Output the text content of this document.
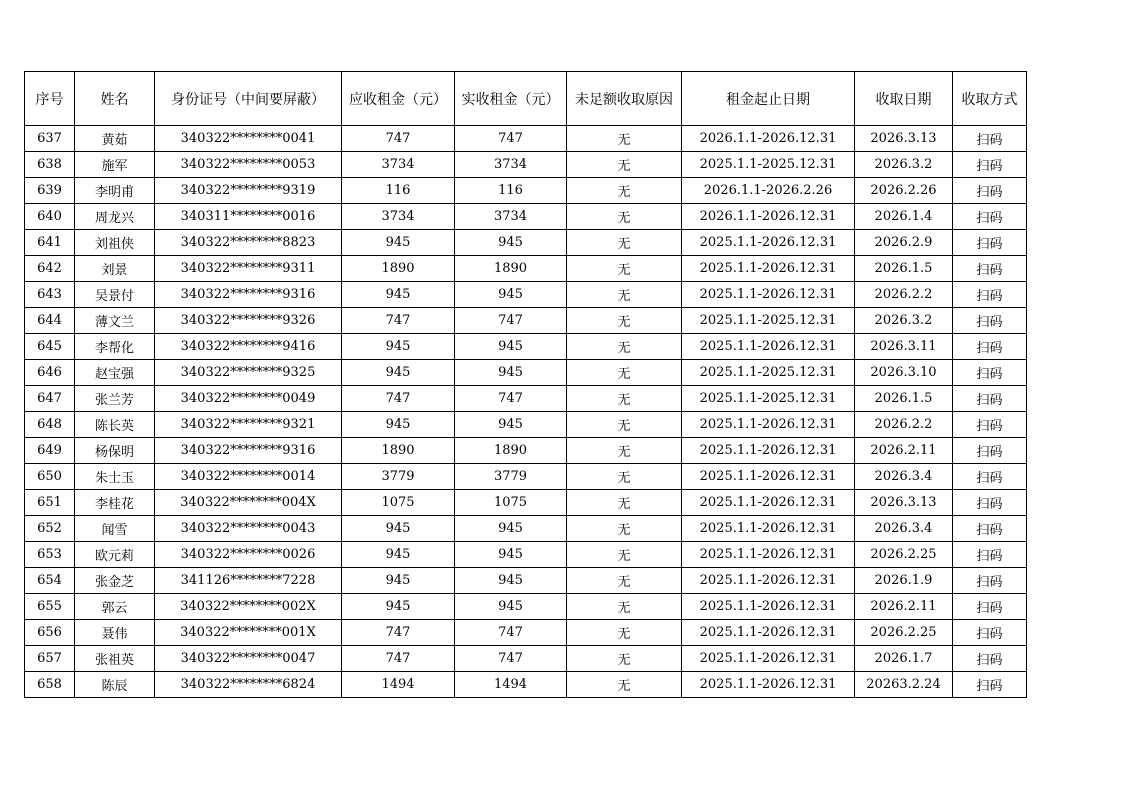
序号	姓名	身份证号（中间要屏蔽）	应收租金（元）	实收租金（元）	未足额收取原因	租金起止日期	收取日期	收取方式
637	黄茹	340322********0041	747	747	无	2026.1.1-2026.12.31	2026.3.13	扫码
638	施军	340322********0053	3734	3734	无	2025.1.1-2025.12.31	2026.3.2	扫码
639	李明甫	340322********9319	116	116	无	2026.1.1-2026.2.26	2026.2.26	扫码
640	周龙兴	340311********0016	3734	3734	无	2026.1.1-2026.12.31	2026.1.4	扫码
641	刘祖侠	340322********8823	945	945	无	2025.1.1-2026.12.31	2026.2.9	扫码
642	刘景	340322********9311	1890	1890	无	2025.1.1-2026.12.31	2026.1.5	扫码
643	吴景付	340322********9316	945	945	无	2025.1.1-2026.12.31	2026.2.2	扫码
644	薄文兰	340322********9326	747	747	无	2025.1.1-2025.12.31	2026.3.2	扫码
645	李帮化	340322********9416	945	945	无	2025.1.1-2026.12.31	2026.3.11	扫码
646	赵宝强	340322********9325	945	945	无	2025.1.1-2025.12.31	2026.3.10	扫码
647	张兰芳	340322********0049	747	747	无	2025.1.1-2025.12.31	2026.1.5	扫码
648	陈长英	340322********9321	945	945	无	2025.1.1-2026.12.31	2026.2.2	扫码
649	杨保明	340322********9316	1890	1890	无	2025.1.1-2026.12.31	2026.2.11	扫码
650	朱士玉	340322********0014	3779	3779	无	2025.1.1-2026.12.31	2026.3.4	扫码
651	李桂花	340322********004X	1075	1075	无	2025.1.1-2026.12.31	2026.3.13	扫码
652	闻雪	340322********0043	945	945	无	2025.1.1-2026.12.31	2026.3.4	扫码
653	欧元莉	340322********0026	945	945	无	2025.1.1-2026.12.31	2026.2.25	扫码
654	张金芝	341126********7228	945	945	无	2025.1.1-2026.12.31	2026.1.9	扫码
655	郭云	340322********002X	945	945	无	2025.1.1-2026.12.31	2026.2.11	扫码
656	聂伟	340322********001X	747	747	无	2025.1.1-2026.12.31	2026.2.25	扫码
657	张祖英	340322********0047	747	747	无	2025.1.1-2026.12.31	2026.1.7	扫码
658	陈辰	340322********6824	1494	1494	无	2025.1.1-2026.12.31	20263.2.24	扫码
